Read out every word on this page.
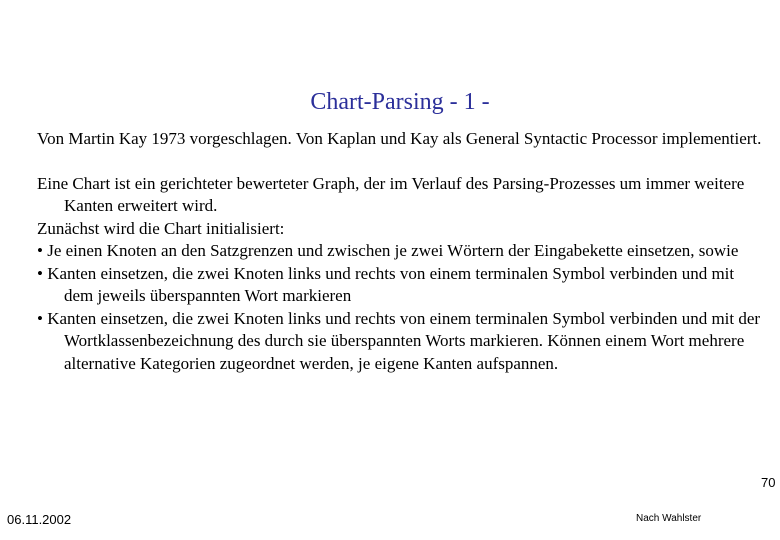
Chart-Parsing - 1 -

Von Martin Kay 1973 vorgeschlagen. Von Kaplan und Kay als General Syntactic Processor implementiert.

Eine Chart ist ein gerichteter bewerteter Graph, der im Verlauf des Parsing-Prozesses um immer weitere Kanten erweitert wird.

Zunächst wird die Chart initialisiert:

• Je einen Knoten an den Satzgrenzen und zwischen je zwei Wörtern der Eingabekette einsetzen, sowie

• Kanten einsetzen, die zwei Knoten links und rechts von einem terminalen Symbol verbinden und mit dem jeweils überspannten Wort markieren

• Kanten einsetzen, die zwei Knoten links und rechts von einem terminalen Symbol verbinden und mit der Wortklassenbezeichnung des durch sie überspannten Worts markieren. Können einem Wort mehrere alternative Kategorien zugeordnet werden, je eigene Kanten aufspannen.

06.11.2002	Nach Wahlster
70
